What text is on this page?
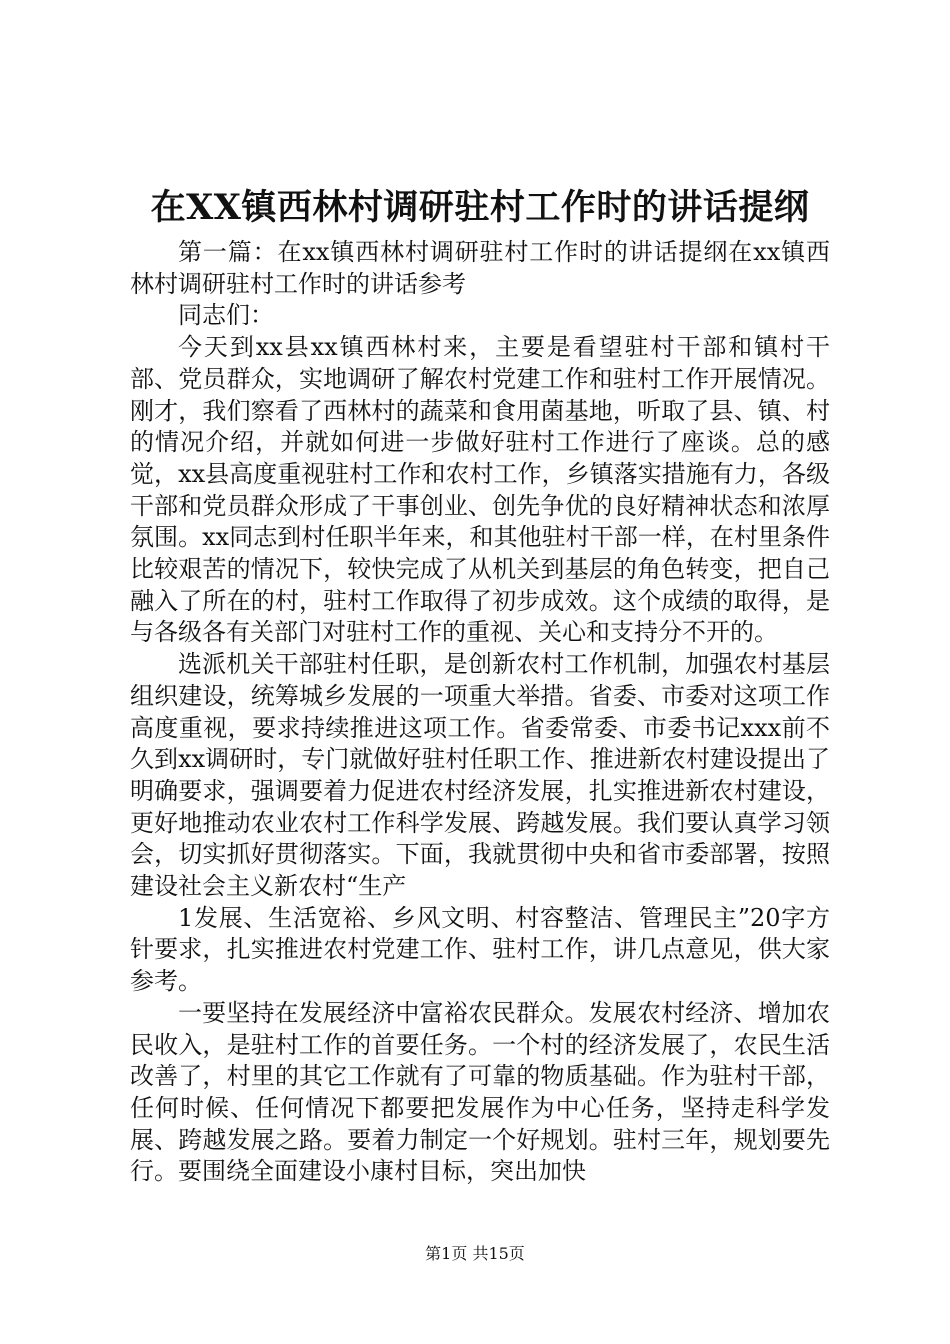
在XX镇西林村调研驻村工作时的讲话提纲

第一篇：在xx镇西林村调研驻村工作时的讲话提纲在xx镇西林村调研驻村工作时的讲话参考

同志们：

今天到xx县xx镇西林村来，主要是看望驻村干部和镇村干部、党员群众，实地调研了解农村党建工作和驻村工作开展情况。刚才，我们察看了西林村的蔬菜和食用菌基地，听取了县、镇、村的情况介绍，并就如何进一步做好驻村工作进行了座谈。总的感觉，xx县高度重视驻村工作和农村工作，乡镇落实措施有力，各级干部和党员群众形成了干事创业、创先争优的良好精神状态和浓厚氛围。xx同志到村任职半年来，和其他驻村干部一样，在村里条件比较艰苦的情况下，较快完成了从机关到基层的角色转变，把自己融入了所在的村，驻村工作取得了初步成效。这个成绩的取得，是与各级各有关部门对驻村工作的重视、关心和支持分不开的。

选派机关干部驻村任职，是创新农村工作机制，加强农村基层组织建设，统筹城乡发展的一项重大举措。省委、市委对这项工作高度重视，要求持续推进这项工作。省委常委、市委书记xxx前不久到xx调研时，专门就做好驻村任职工作、推进新农村建设提出了明确要求，强调要着力促进农村经济发展，扎实推进新农村建设，更好地推动农业农村工作科学发展、跨越发展。我们要认真学习领会，切实抓好贯彻落实。下面，我就贯彻中央和省市委部署，按照建设社会主义新农村“生产

1发展、生活宽裕、乡风文明、村容整洁、管理民主”20字方针要求，扎实推进农村党建工作、驻村工作，讲几点意见，供大家参考。

一要坚持在发展经济中富裕农民群众。发展农村经济、增加农民收入，是驻村工作的首要任务。一个村的经济发展了，农民生活改善了，村里的其它工作就有了可靠的物质基础。作为驻村干部，任何时候、任何情况下都要把发展作为中心任务，坚持走科学发展、跨越发展之路。要着力制定一个好规划。驻村三年，规划要先行。要围绕全面建设小康村目标，突出加快

第1页 共15页
